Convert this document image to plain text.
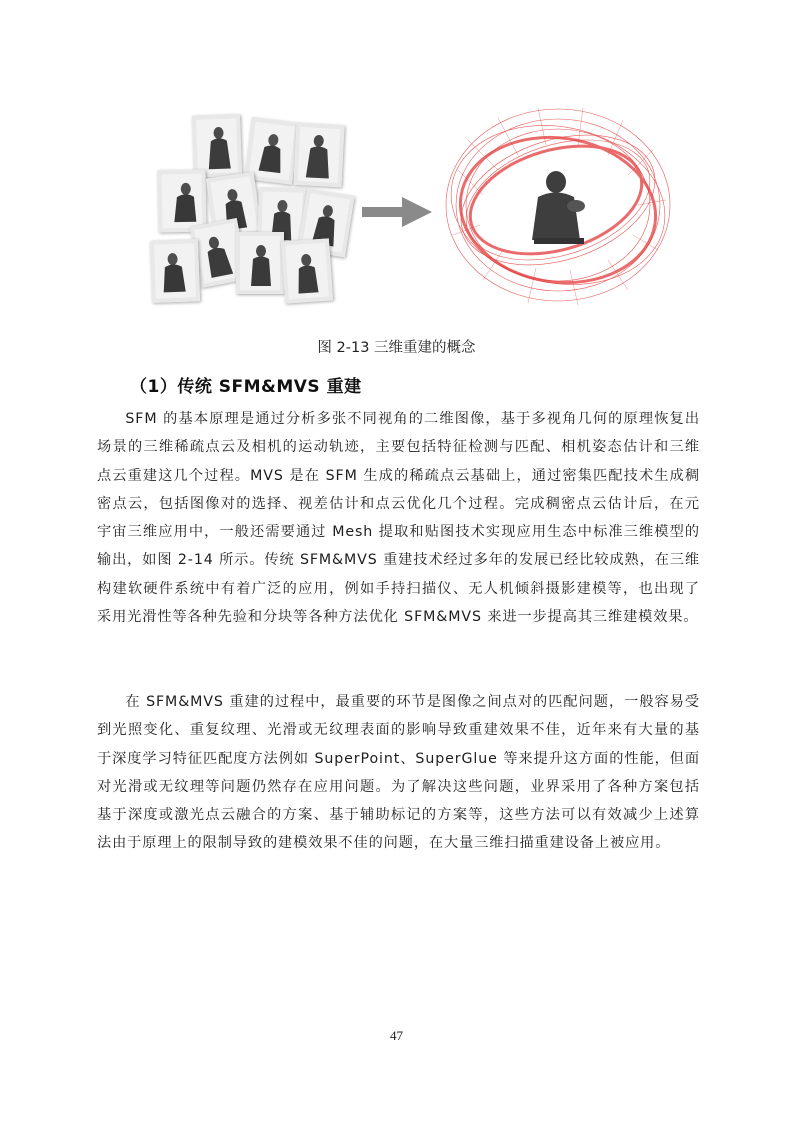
图 2-13 三维重建的概念
（1）传统 SFM&MVS 重建

SFM 的基本原理是通过分析多张不同视角的二维图像，基于多视角几何的原理恢复出场景的三维稀疏点云及相机的运动轨迹，主要包括特征检测与匹配、相机姿态估计和三维点云重建这几个过程。MVS 是在 SFM 生成的稀疏点云基础上，通过密集匹配技术生成稠密点云，包括图像对的选择、视差估计和点云优化几个过程。完成稠密点云估计后，在元宇宙三维应用中，一般还需要通过 Mesh 提取和贴图技术实现应用生态中标准三维模型的输出，如图 2-14 所示。传统 SFM&MVS 重建技术经过多年的发展已经比较成熟，在三维构建软硬件系统中有着广泛的应用，例如手持扫描仪、无人机倾斜摄影建模等，也出现了采用光滑性等各种先验和分块等各种方法优化 SFM&MVS 来进一步提高其三维建模效果。

在 SFM&MVS 重建的过程中，最重要的环节是图像之间点对的匹配问题，一般容易受到光照变化、重复纹理、光滑或无纹理表面的影响导致重建效果不佳，近年来有大量的基于深度学习特征匹配度方法例如 SuperPoint、SuperGlue 等来提升这方面的性能，但面对光滑或无纹理等问题仍然存在应用问题。为了解决这些问题，业界采用了各种方案包括基于深度或激光点云融合的方案、基于辅助标记的方案等，这些方法可以有效减少上述算法由于原理上的限制导致的建模效果不佳的问题，在大量三维扫描重建设备上被应用。

47
